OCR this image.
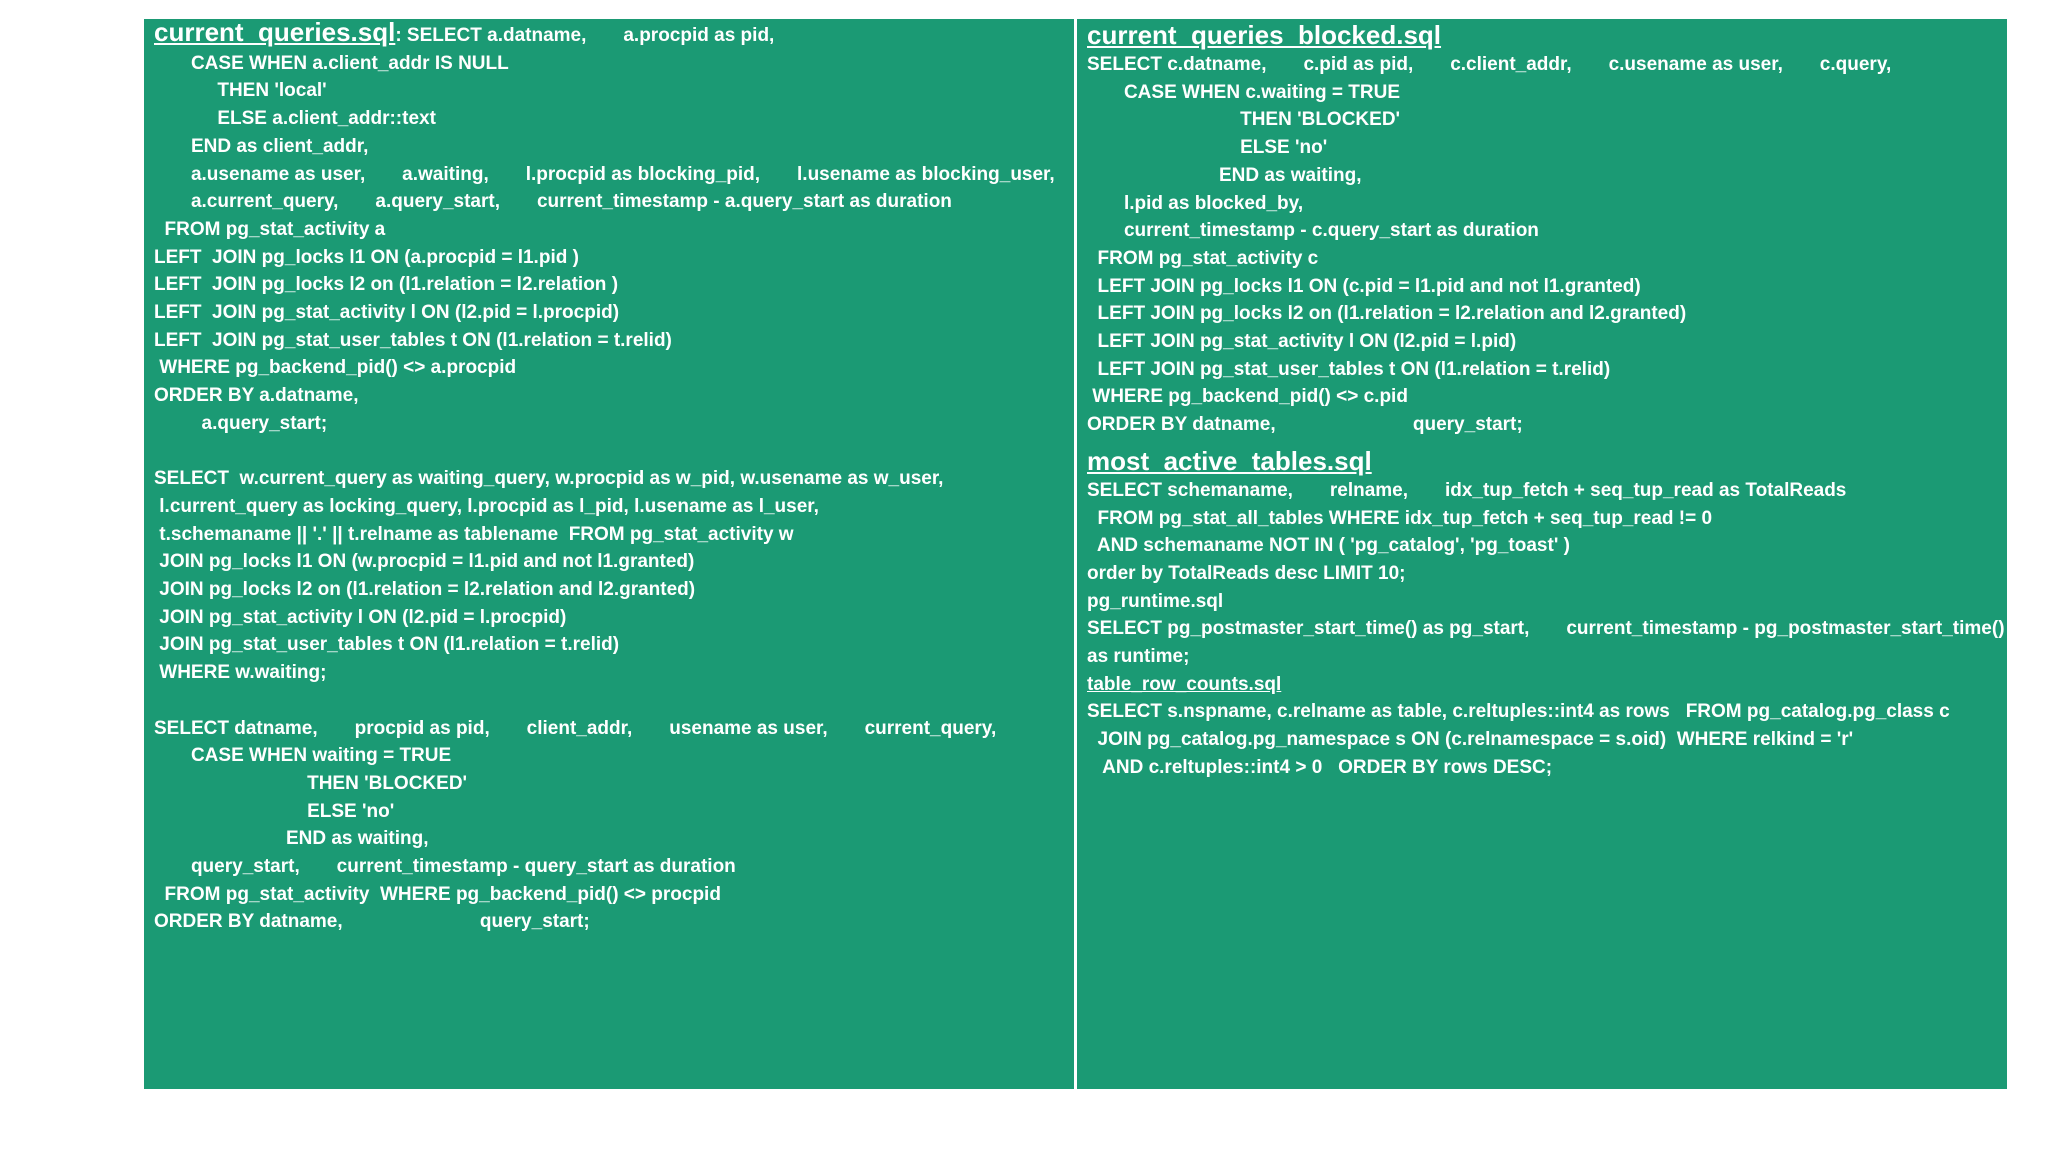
current_queries.sql: SELECT a.datname,       a.procpid as pid,
CASE WHEN a.client_addr IS NULL
THEN 'local'
ELSE a.client_addr::text
END as client_addr,
a.usename as user,       a.waiting,       l.procpid as blocking_pid,       l.usename as blocking_user,
a.current_query,       a.query_start,       current_timestamp - a.query_start as duration
FROM pg_stat_activity a
LEFT  JOIN pg_locks l1 ON (a.procpid = l1.pid )
LEFT  JOIN pg_locks l2 on (l1.relation = l2.relation )
LEFT  JOIN pg_stat_activity l ON (l2.pid = l.procpid)
LEFT  JOIN pg_stat_user_tables t ON (l1.relation = t.relid)
WHERE pg_backend_pid() <> a.procpid
ORDER BY a.datname,
a.query_start;
SELECT  w.current_query as waiting_query, w.procpid as w_pid, w.usename as w_user,
l.current_query as locking_query, l.procpid as l_pid, l.usename as l_user,
t.schemaname || '.' || t.relname as tablename  FROM pg_stat_activity w
JOIN pg_locks l1 ON (w.procpid = l1.pid and not l1.granted)
JOIN pg_locks l2 on (l1.relation = l2.relation and l2.granted)
JOIN pg_stat_activity l ON (l2.pid = l.procpid)
JOIN pg_stat_user_tables t ON (l1.relation = t.relid)
WHERE w.waiting;
SELECT datname,       procpid as pid,       client_addr,       usename as user,       current_query,
CASE WHEN waiting = TRUE
THEN 'BLOCKED'
ELSE 'no'
END as waiting,
query_start,       current_timestamp - query_start as duration
FROM pg_stat_activity  WHERE pg_backend_pid() <> procpid
ORDER BY datname,                          query_start;
current_queries_blocked.sql
SELECT c.datname,       c.pid as pid,       c.client_addr,       c.usename as user,       c.query,
CASE WHEN c.waiting = TRUE
THEN 'BLOCKED'
ELSE 'no'
END as waiting,
l.pid as blocked_by,
current_timestamp - c.query_start as duration
FROM pg_stat_activity c
LEFT JOIN pg_locks l1 ON (c.pid = l1.pid and not l1.granted)
LEFT JOIN pg_locks l2 on (l1.relation = l2.relation and l2.granted)
LEFT JOIN pg_stat_activity l ON (l2.pid = l.pid)
LEFT JOIN pg_stat_user_tables t ON (l1.relation = t.relid)
WHERE pg_backend_pid() <> c.pid
ORDER BY datname,                          query_start;
most_active_tables.sql
SELECT schemaname,       relname,       idx_tup_fetch + seq_tup_read as TotalReads
FROM pg_stat_all_tables WHERE idx_tup_fetch + seq_tup_read != 0
AND schemaname NOT IN ( 'pg_catalog', 'pg_toast' )
order by TotalReads desc LIMIT 10;
pg_runtime.sql
SELECT pg_postmaster_start_time() as pg_start,       current_timestamp - pg_postmaster_start_time()
as runtime;
table_row_counts.sql
SELECT s.nspname, c.relname as table, c.reltuples::int4 as rows   FROM pg_catalog.pg_class c
JOIN pg_catalog.pg_namespace s ON (c.relnamespace = s.oid)  WHERE relkind = 'r'
AND c.reltuples::int4 > 0   ORDER BY rows DESC;
